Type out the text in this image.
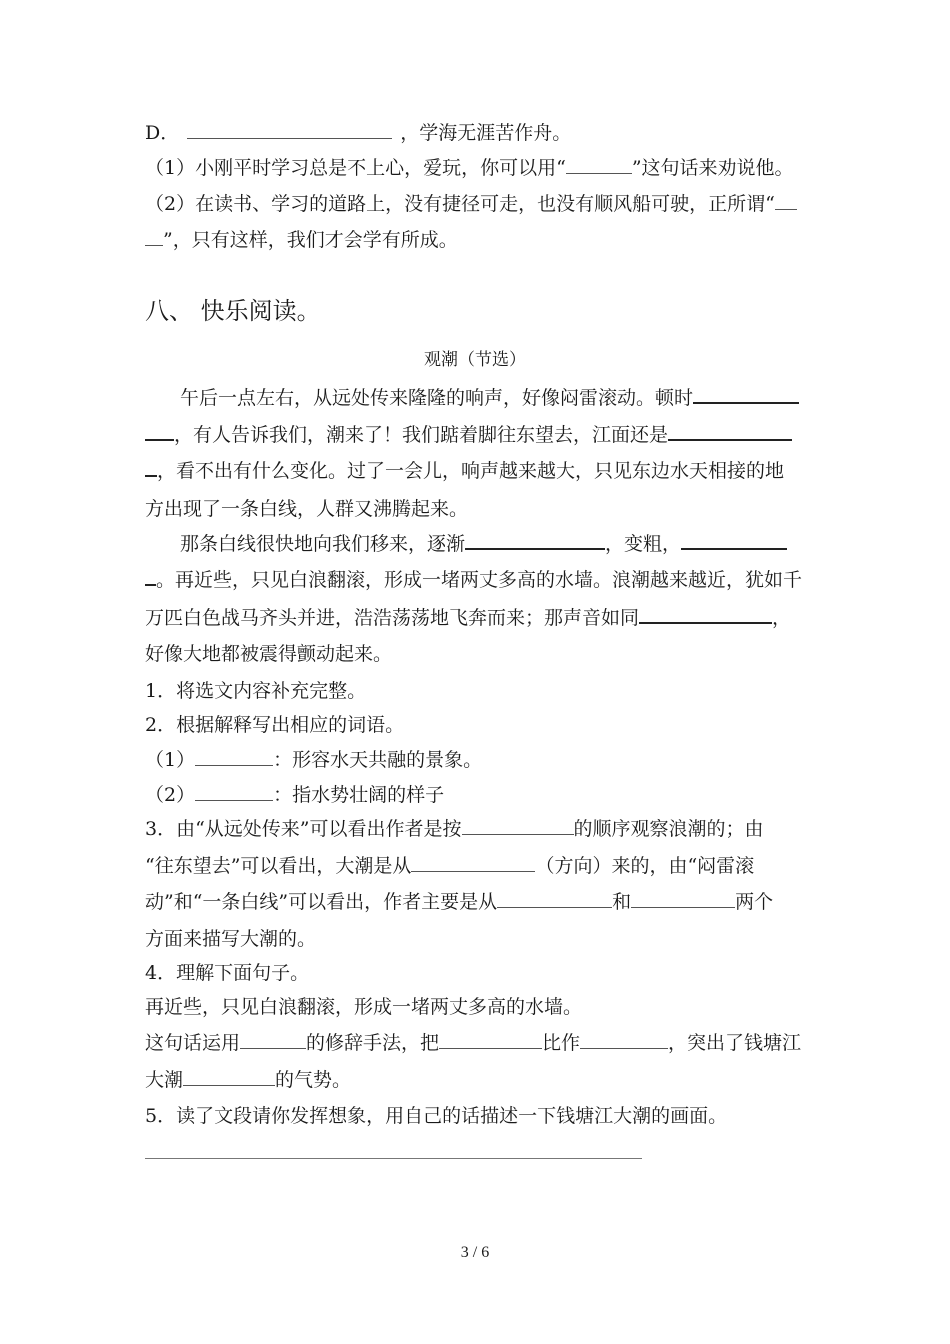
D．	，学海无涯苦作舟。
（1）小刚平时学习总是不上心，爱玩，你可以用“	”这句话来劝说他。
（2）在读书、学习的道路上，没有捷径可走，也没有顺风船可驶，正所谓“
”，只有这样，我们才会学有所成。
八、 快乐阅读。
观潮（节选）
午后一点左右，从远处传来隆隆的响声，好像闷雷滚动。顿时
，有人告诉我们，潮来了！我们踮着脚往东望去，江面还是
，看不出有什么变化。过了一会儿，响声越来越大，只见东边水天相接的地
方出现了一条白线，人群又沸腾起来。
那条白线很快地向我们移来，逐渐	，变粗，
。再近些，只见白浪翻滚，形成一堵两丈多高的水墙。浪潮越来越近，犹如千
万匹白色战马齐头并进，浩浩荡荡地飞奔而来；那声音如同	，
好像大地都被震得颤动起来。
1．将选文内容补充完整。
2．根据解释写出相应的词语。
（1）	：形容水天共融的景象。
（2）	：指水势壮阔的样子
3．由“从远处传来”可以看出作者是按	的顺序观察浪潮的；由
“往东望去”可以看出，大潮是从	（方向）来的，由“闷雷滚
动”和“一条白线”可以看出，作者主要是从	和	两个
方面来描写大潮的。
4．理解下面句子。
再近些，只见白浪翻滚，形成一堵两丈多高的水墙。
这句话运用	的修辞手法，把	比作	，突出了钱塘江
大潮	的气势。
5．读了文段请你发挥想象，用自己的话描述一下钱塘江大潮的画面。
3 / 6
